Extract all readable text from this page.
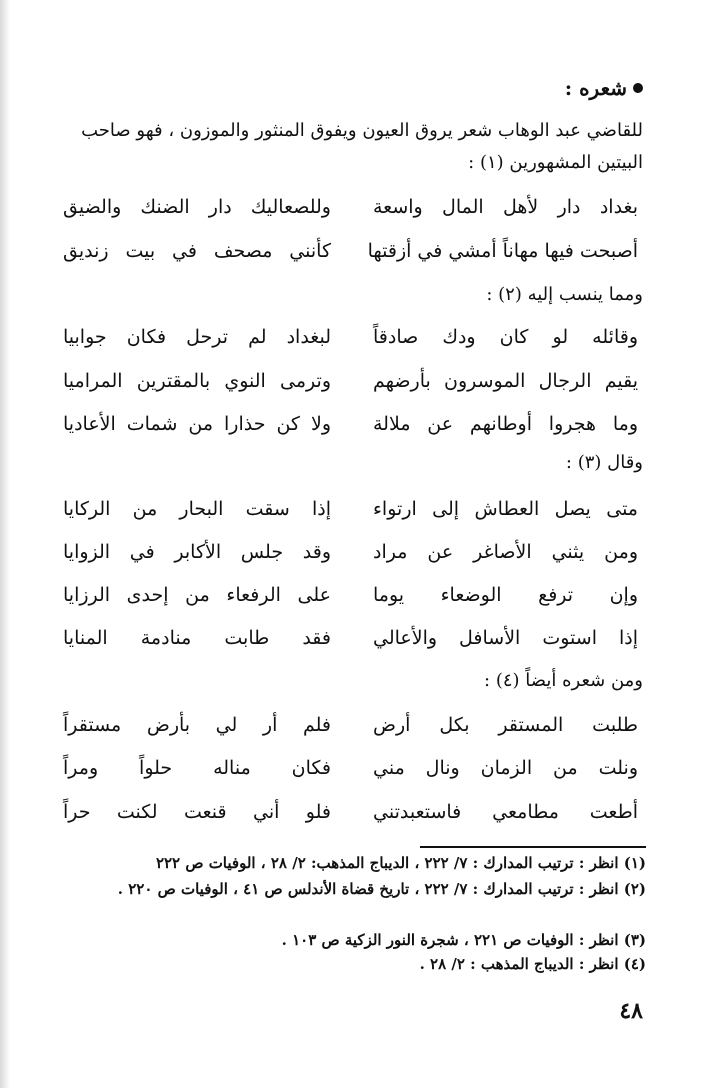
شعره :
للقاضي عبد الوهاب شعر يروق العيون ويفوق المنثور والموزون ، فهو صاحب
البيتين المشهورين (١) :
بغداد دار لأهل المال واسعة
وللصعاليك دار الضنك والضيق
أصبحت فيها مهاناً أمشي في أزقتها
كأنني مصحف في بيت زنديق
ومما ينسب إليه (٢) :
وقائله لو كان ودك صادقاً
لبغداد لم ترحل فكان جوابيا
يقيم الرجال الموسرون بأرضهم
وترمى النوي بالمقترين المراميا
وما هجروا أوطانهم عن ملالة
ولا كن حذارا من شمات الأعاديا
وقال (٣) :
متى يصل العطاش إلى ارتواء
إذا سقت البحار من الركايا
ومن يثني الأصاغر عن مراد
وقد جلس الأكابر في الزوايا
وإن ترفع الوضعاء يوما
على الرفعاء من إحدى الرزايا
إذا استوت الأسافل والأعالي
فقد طابت منادمة المنايا
ومن شعره أيضاً (٤) :
طلبت المستقر بكل أرض
فلم أر لي بأرض مستقراً
ونلت من الزمان ونال مني
فكان مناله حلواً ومراً
أطعت مطامعي فاستعبدتني
فلو أني قنعت لكنت حراً
(١) انظر : ترتيب المدارك : ٧/ ٢٢٢ ، الديباج المذهب: ٢/ ٢٨ ، الوفيات ص ٢٢٢
(٢) انظر : ترتيب المدارك : ٧/ ٢٢٢ ، تاريخ قضاة الأندلس ص ٤١ ، الوفيات ص ٢٢٠ .
(٣) انظر : الوفيات ص ٢٢١ ، شجرة النور الزكية ص ١٠٣ .
(٤) انظر : الديباج المذهب : ٢/ ٢٨ .
٤٨
